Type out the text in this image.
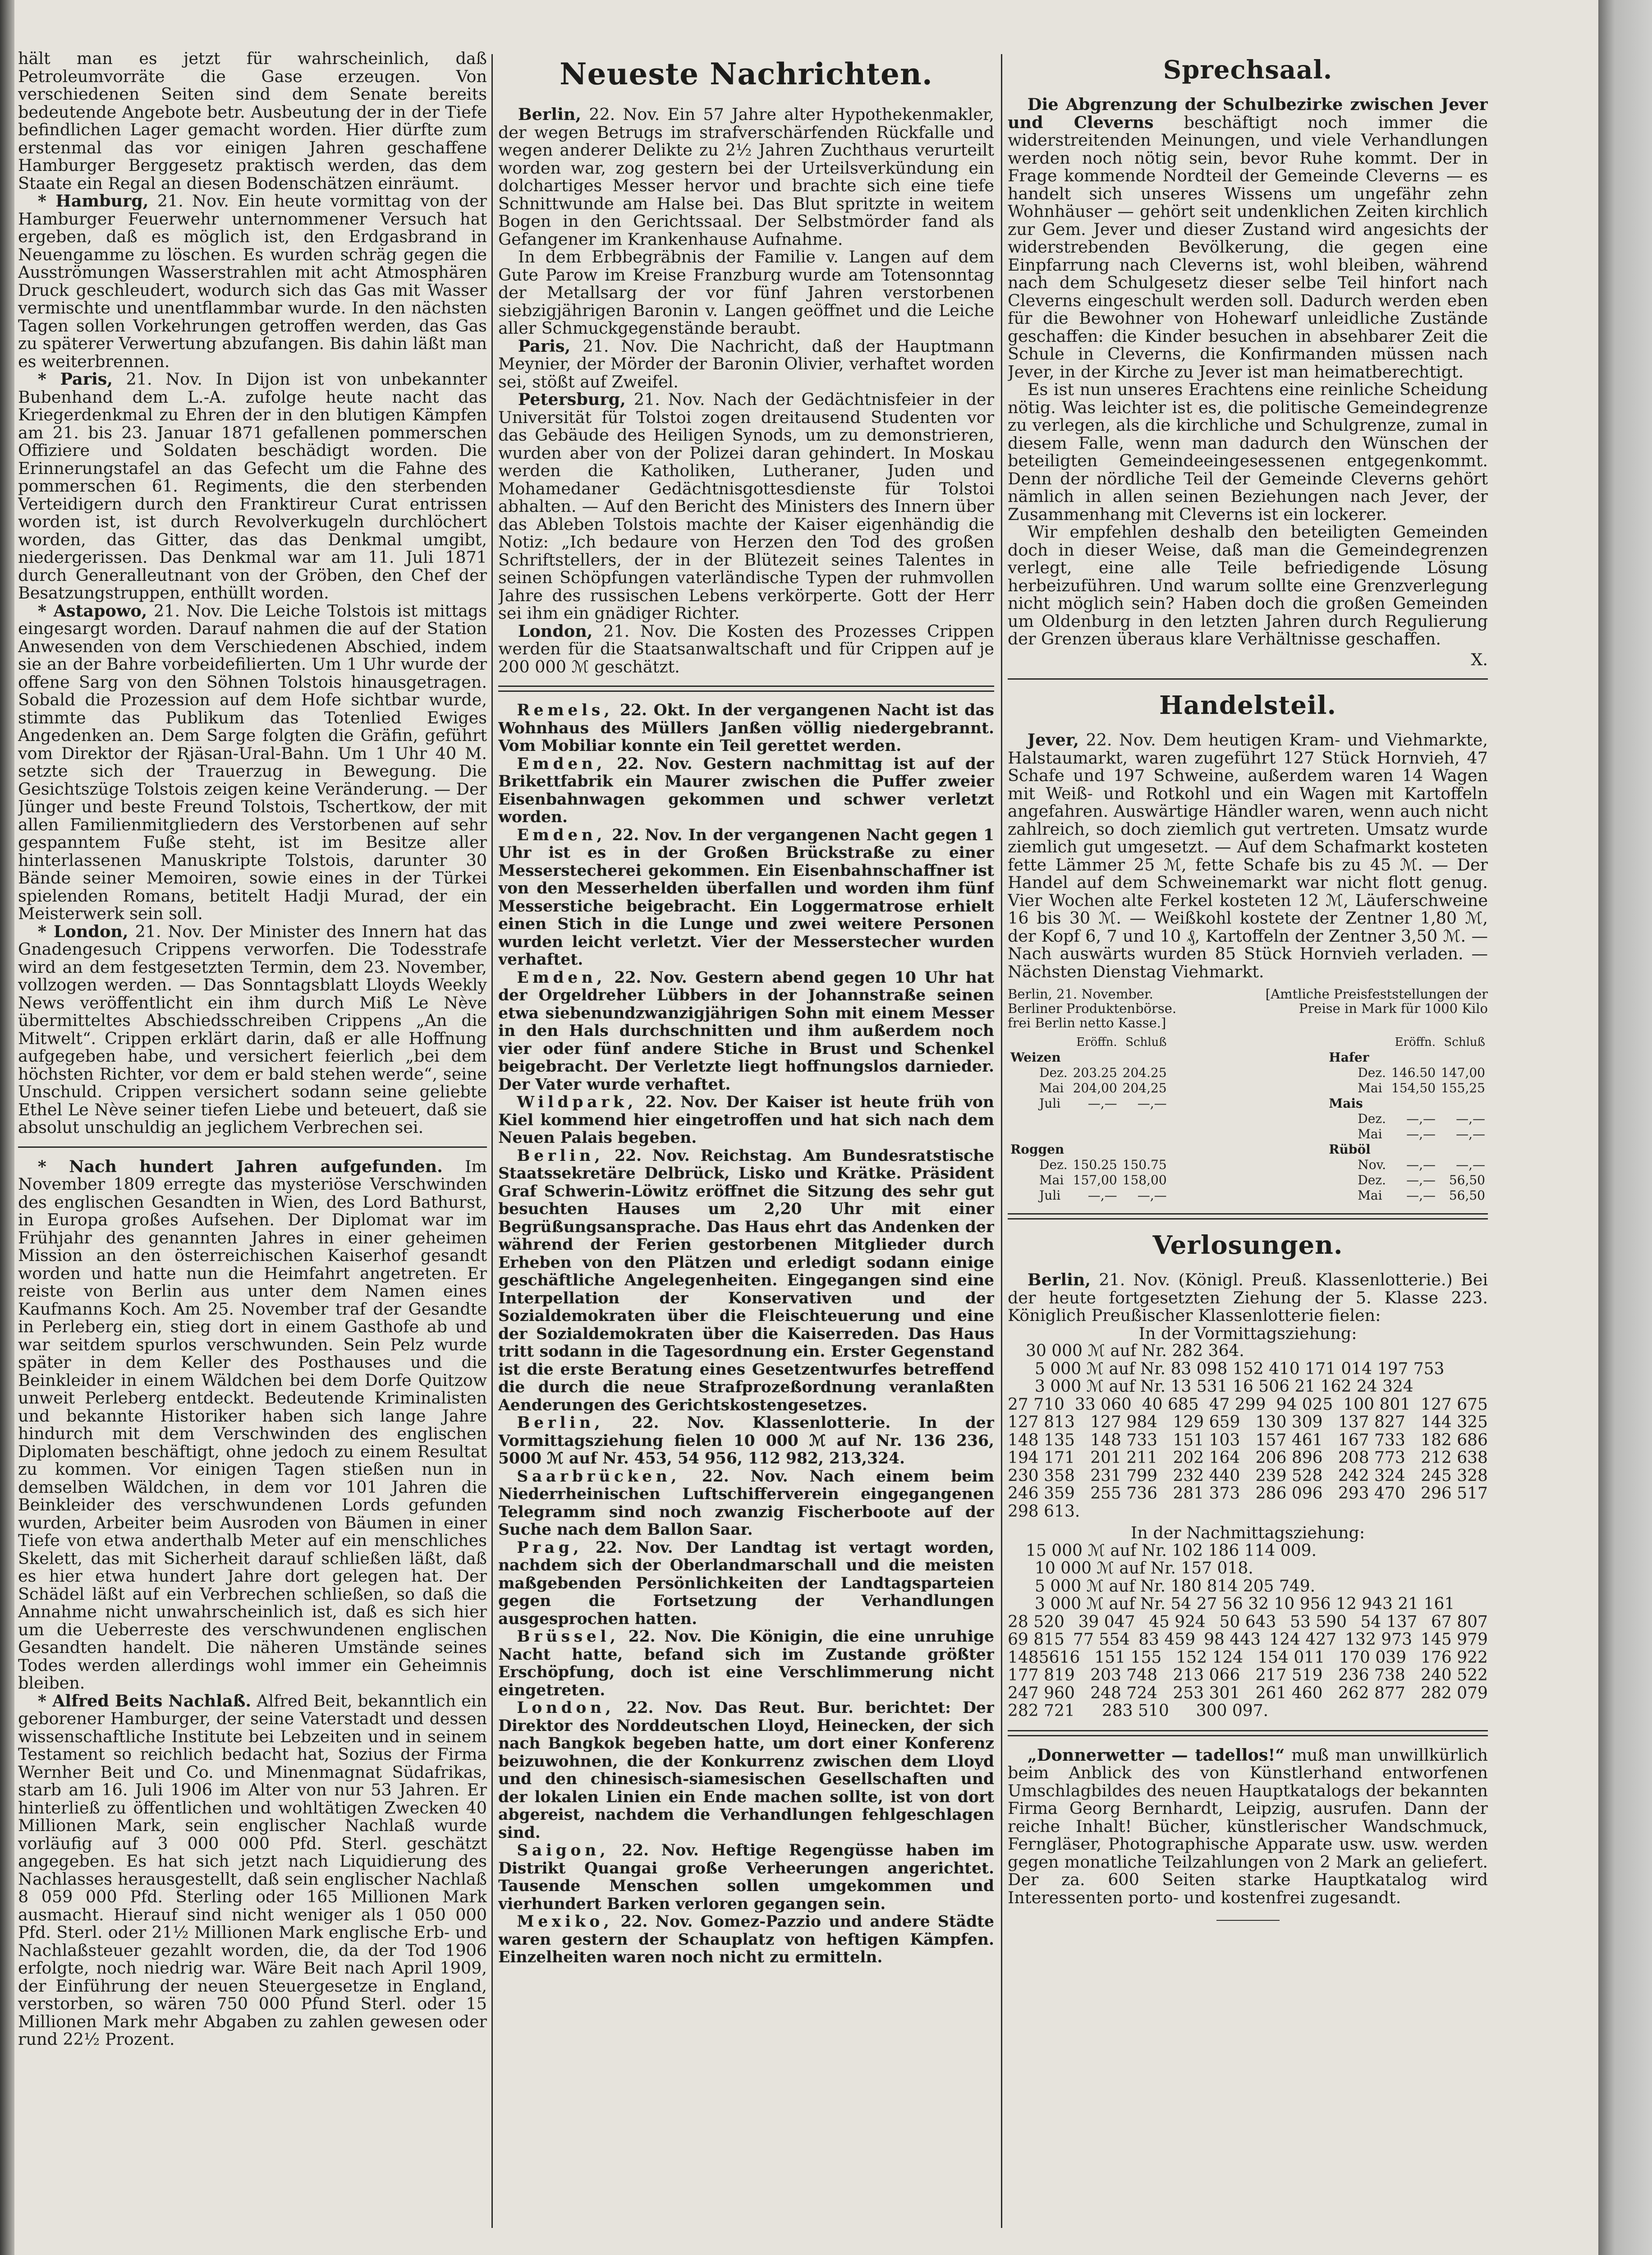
hält man es jetzt für wahrscheinlich, daß Petroleumvorräte die Gase erzeugen. Von verschiedenen Seiten sind dem Senate bereits bedeutende Angebote betr. Ausbeutung der in der Tiefe befindlichen Lager gemacht worden. Hier dürfte zum erstenmal das vor einigen Jahren geschaffene Hamburger Berggesetz praktisch werden, das dem Staate ein Regal an diesen Bodenschätzen einräumt.

* Hamburg, 21. Nov. Ein heute vormittag von der Hamburger Feuerwehr unternommener Versuch hat ergeben, daß es möglich ist, den Erdgasbrand in Neuengamme zu löschen. Es wurden schräg gegen die Ausströmungen Wasserstrahlen mit acht Atmosphären Druck geschleudert, wodurch sich das Gas mit Wasser vermischte und unentflammbar wurde. In den nächsten Tagen sollen Vorkehrungen getroffen werden, das Gas zu späterer Verwertung abzufangen. Bis dahin läßt man es weiterbrennen.

* Paris, 21. Nov. In Dijon ist von unbekannter Bubenhand dem L.-A. zufolge heute nacht das Kriegerdenkmal zu Ehren der in den blutigen Kämpfen am 21. bis 23. Januar 1871 gefallenen pommerschen Offiziere und Soldaten beschädigt worden. Die Erinnerungstafel an das Gefecht um die Fahne des pommerschen 61. Regiments, die den sterbenden Verteidigern durch den Franktireur Curat entrissen worden ist, ist durch Revolverkugeln durchlöchert worden, das Gitter, das das Denkmal umgibt, niedergerissen. Das Denkmal war am 11. Juli 1871 durch Generalleutnant von der Gröben, den Chef der Besatzungstruppen, enthüllt worden.

* Astapowo, 21. Nov. Die Leiche Tolstois ist mittags eingesargt worden. Darauf nahmen die auf der Station Anwesenden von dem Verschiedenen Abschied, indem sie an der Bahre vorbeidefilierten. Um 1 Uhr wurde der offene Sarg von den Söhnen Tolstois hinausgetragen. Sobald die Prozession auf dem Hofe sichtbar wurde, stimmte das Publikum das Totenlied Ewiges Angedenken an. Dem Sarge folgten die Gräfin, geführt vom Direktor der Rjäsan-Ural-Bahn. Um 1 Uhr 40 M. setzte sich der Trauerzug in Bewegung. Die Gesichtszüge Tolstois zeigen keine Veränderung. — Der Jünger und beste Freund Tolstois, Tschertkow, der mit allen Familienmitgliedern des Verstorbenen auf sehr gespanntem Fuße steht, ist im Besitze aller hinterlassenen Manuskripte Tolstois, darunter 30 Bände seiner Memoiren, sowie eines in der Türkei spielenden Romans, betitelt Hadji Murad, der ein Meisterwerk sein soll.

* London, 21. Nov. Der Minister des Innern hat das Gnadengesuch Crippens verworfen. Die Todesstrafe wird an dem festgesetzten Termin, dem 23. November, vollzogen werden. — Das Sonntagsblatt Lloyds Weekly News veröffentlicht ein ihm durch Miß Le Nève übermitteltes Abschiedsschreiben Crippens „An die Mitwelt“. Crippen erklärt darin, daß er alle Hoffnung aufgegeben habe, und versichert feierlich „bei dem höchsten Richter, vor dem er bald stehen werde“, seine Unschuld. Crippen versichert sodann seine geliebte Ethel Le Nève seiner tiefen Liebe und beteuert, daß sie absolut unschuldig an jeglichem Verbrechen sei.

* Nach hundert Jahren aufgefunden. Im November 1809 erregte das mysteriöse Verschwinden des englischen Gesandten in Wien, des Lord Bathurst, in Europa großes Aufsehen. Der Diplomat war im Frühjahr des genannten Jahres in einer geheimen Mission an den österreichischen Kaiserhof gesandt worden und hatte nun die Heimfahrt angetreten. Er reiste von Berlin aus unter dem Namen eines Kaufmanns Koch. Am 25. November traf der Gesandte in Perleberg ein, stieg dort in einem Gasthofe ab und war seitdem spurlos verschwunden. Sein Pelz wurde später in dem Keller des Posthauses und die Beinkleider in einem Wäldchen bei dem Dorfe Quitzow unweit Perleberg entdeckt. Bedeutende Kriminalisten und bekannte Historiker haben sich lange Jahre hindurch mit dem Verschwinden des englischen Diplomaten beschäftigt, ohne jedoch zu einem Resultat zu kommen. Vor einigen Tagen stießen nun in demselben Wäldchen, in dem vor 101 Jahren die Beinkleider des verschwundenen Lords gefunden wurden, Arbeiter beim Ausroden von Bäumen in einer Tiefe von etwa anderthalb Meter auf ein menschliches Skelett, das mit Sicherheit darauf schließen läßt, daß es hier etwa hundert Jahre dort gelegen hat. Der Schädel läßt auf ein Verbrechen schließen, so daß die Annahme nicht unwahrscheinlich ist, daß es sich hier um die Ueberreste des verschwundenen englischen Gesandten handelt. Die näheren Umstände seines Todes werden allerdings wohl immer ein Geheimnis bleiben.

* Alfred Beits Nachlaß. Alfred Beit, bekanntlich ein geborener Hamburger, der seine Vaterstadt und dessen wissenschaftliche Institute bei Lebzeiten und in seinem Testament so reichlich bedacht hat, Sozius der Firma Wernher Beit und Co. und Minenmagnat Südafrikas, starb am 16. Juli 1906 im Alter von nur 53 Jahren. Er hinterließ zu öffentlichen und wohltätigen Zwecken 40 Millionen Mark, sein englischer Nachlaß wurde vorläufig auf 3 000 000 Pfd. Sterl. geschätzt angegeben. Es hat sich jetzt nach Liquidierung des Nachlasses herausgestellt, daß sein englischer Nachlaß 8 059 000 Pfd. Sterling oder 165 Millionen Mark ausmacht. Hierauf sind nicht weniger als 1 050 000 Pfd. Sterl. oder 21½ Millionen Mark englische Erb- und Nachlaßsteuer gezahlt worden, die, da der Tod 1906 erfolgte, noch niedrig war. Wäre Beit nach April 1909, der Einführung der neuen Steuergesetze in England, verstorben, so wären 750 000 Pfund Sterl. oder 15 Millionen Mark mehr Abgaben zu zahlen gewesen oder rund 22½ Prozent.

Neueste Nachrichten.

Berlin, 22. Nov. Ein 57 Jahre alter Hypothekenmakler, der wegen Betrugs im strafverschärfenden Rückfalle und wegen anderer Delikte zu 2½ Jahren Zuchthaus verurteilt worden war, zog gestern bei der Urteilsverkündung ein dolchartiges Messer hervor und brachte sich eine tiefe Schnittwunde am Halse bei. Das Blut spritzte in weitem Bogen in den Gerichtssaal. Der Selbstmörder fand als Gefangener im Krankenhause Aufnahme.

In dem Erbbegräbnis der Familie v. Langen auf dem Gute Parow im Kreise Franzburg wurde am Totensonntag der Metallsarg der vor fünf Jahren verstorbenen siebzigjährigen Baronin v. Langen geöffnet und die Leiche aller Schmuckgegenstände beraubt.

Paris, 21. Nov. Die Nachricht, daß der Hauptmann Meynier, der Mörder der Baronin Olivier, verhaftet worden sei, stößt auf Zweifel.

Petersburg, 21. Nov. Nach der Gedächtnisfeier in der Universität für Tolstoi zogen dreitausend Studenten vor das Gebäude des Heiligen Synods, um zu demonstrieren, wurden aber von der Polizei daran gehindert. In Moskau werden die Katholiken, Lutheraner, Juden und Mohamedaner Gedächtnisgottesdienste für Tolstoi abhalten. — Auf den Bericht des Ministers des Innern über das Ableben Tolstois machte der Kaiser eigenhändig die Notiz: „Ich bedaure von Herzen den Tod des großen Schriftstellers, der in der Blütezeit seines Talentes in seinen Schöpfungen vaterländische Typen der ruhmvollen Jahre des russischen Lebens verkörperte. Gott der Herr sei ihm ein gnädiger Richter.

London, 21. Nov. Die Kosten des Prozesses Crippen werden für die Staatsanwaltschaft und für Crippen auf je 200 000 ℳ geschätzt.

Remels, 22. Okt. In der vergangenen Nacht ist das Wohnhaus des Müllers Janßen völlig niedergebrannt. Vom Mobiliar konnte ein Teil gerettet werden.

Emden, 22. Nov. Gestern nachmittag ist auf der Brikettfabrik ein Maurer zwischen die Puffer zweier Eisenbahnwagen gekommen und schwer verletzt worden.

Emden, 22. Nov. In der vergangenen Nacht gegen 1 Uhr ist es in der Großen Brückstraße zu einer Messerstecherei gekommen. Ein Eisenbahnschaffner ist von den Messerhelden überfallen und worden ihm fünf Messerstiche beigebracht. Ein Loggermatrose erhielt einen Stich in die Lunge und zwei weitere Personen wurden leicht verletzt. Vier der Messerstecher wurden verhaftet.

Emden, 22. Nov. Gestern abend gegen 10 Uhr hat der Orgeldreher Lübbers in der Johannstraße seinen etwa siebenundzwanzigjährigen Sohn mit einem Messer in den Hals durchschnitten und ihm außerdem noch vier oder fünf andere Stiche in Brust und Schenkel beigebracht. Der Verletzte liegt hoffnungslos darnieder. Der Vater wurde verhaftet.

Wildpark, 22. Nov. Der Kaiser ist heute früh von Kiel kommend hier eingetroffen und hat sich nach dem Neuen Palais begeben.

Berlin, 22. Nov. Reichstag. Am Bundesratstische Staatssekretäre Delbrück, Lisko und Krätke. Präsident Graf Schwerin-Löwitz eröffnet die Sitzung des sehr gut besuchten Hauses um 2,20 Uhr mit einer Begrüßungsansprache. Das Haus ehrt das Andenken der während der Ferien gestorbenen Mitglieder durch Erheben von den Plätzen und erledigt sodann einige geschäftliche Angelegenheiten. Eingegangen sind eine Interpellation der Konservativen und der Sozialdemokraten über die Fleischteuerung und eine der Sozialdemokraten über die Kaiserreden. Das Haus tritt sodann in die Tagesordnung ein. Erster Gegenstand ist die erste Beratung eines Gesetzentwurfes betreffend die durch die neue Strafprozeßordnung veranlaßten Aenderungen des Gerichtskostengesetzes.

Berlin, 22. Nov. Klassenlotterie. In der Vormittagsziehung fielen 10 000 ℳ auf Nr. 136 236, 5000 ℳ auf Nr. 453, 54 956, 112 982, 213,324.

Saarbrücken, 22. Nov. Nach einem beim Niederrheinischen Luftschifferverein eingegangenen Telegramm sind noch zwanzig Fischerboote auf der Suche nach dem Ballon Saar.

Prag, 22. Nov. Der Landtag ist vertagt worden, nachdem sich der Oberlandmarschall und die meisten maßgebenden Persönlichkeiten der Landtagsparteien gegen die Fortsetzung der Verhandlungen ausgesprochen hatten.

Brüssel, 22. Nov. Die Königin, die eine unruhige Nacht hatte, befand sich im Zustande größter Erschöpfung, doch ist eine Verschlimmerung nicht eingetreten.

London, 22. Nov. Das Reut. Bur. berichtet: Der Direktor des Norddeutschen Lloyd, Heinecken, der sich nach Bangkok begeben hatte, um dort einer Konferenz beizuwohnen, die der Konkurrenz zwischen dem Lloyd und den chinesisch-siamesischen Gesellschaften und der lokalen Linien ein Ende machen sollte, ist von dort abgereist, nachdem die Verhandlungen fehlgeschlagen sind.

Saigon, 22. Nov. Heftige Regengüsse haben im Distrikt Quangai große Verheerungen angerichtet. Tausende Menschen sollen umgekommen und vierhundert Barken verloren gegangen sein.

Mexiko, 22. Nov. Gomez-Pazzio und andere Städte waren gestern der Schauplatz von heftigen Kämpfen. Einzelheiten waren noch nicht zu ermitteln.

Sprechsaal.

Die Abgrenzung der Schulbezirke zwischen Jever und Cleverns beschäftigt noch immer die widerstreitenden Meinungen, und viele Verhandlungen werden noch nötig sein, bevor Ruhe kommt. Der in Frage kommende Nordteil der Gemeinde Cleverns — es handelt sich unseres Wissens um ungefähr zehn Wohnhäuser — gehört seit undenklichen Zeiten kirchlich zur Gem. Jever und dieser Zustand wird angesichts der widerstrebenden Bevölkerung, die gegen eine Einpfarrung nach Cleverns ist, wohl bleiben, während nach dem Schulgesetz dieser selbe Teil hinfort nach Cleverns eingeschult werden soll. Dadurch werden eben für die Bewohner von Hohewarf unleidliche Zustände geschaffen: die Kinder besuchen in absehbarer Zeit die Schule in Cleverns, die Konfirmanden müssen nach Jever, in der Kirche zu Jever ist man heimatberechtigt.

Es ist nun unseres Erachtens eine reinliche Scheidung nötig. Was leichter ist es, die politische Gemeindegrenze zu verlegen, als die kirchliche und Schulgrenze, zumal in diesem Falle, wenn man dadurch den Wünschen der beteiligten Gemeindeeingesessenen entgegenkommt. Denn der nördliche Teil der Gemeinde Cleverns gehört nämlich in allen seinen Beziehungen nach Jever, der Zusammenhang mit Cleverns ist ein lockerer.

Wir empfehlen deshalb den beteiligten Gemeinden doch in dieser Weise, daß man die Gemeindegrenzen verlegt, eine alle Teile befriedigende Lösung herbeizuführen. Und warum sollte eine Grenzverlegung nicht möglich sein? Haben doch die großen Gemeinden um Oldenburg in den letzten Jahren durch Regulierung der Grenzen überaus klare Verhältnisse geschaffen.

X.
Handelsteil.

Jever, 22. Nov. Dem heutigen Kram- und Viehmarkte, Halstaumarkt, waren zugeführt 127 Stück Hornvieh, 47 Schafe und 197 Schweine, außerdem waren 14 Wagen mit Weiß- und Rotkohl und ein Wagen mit Kartoffeln angefahren. Auswärtige Händler waren, wenn auch nicht zahlreich, so doch ziemlich gut vertreten. Umsatz wurde ziemlich gut umgesetzt. — Auf dem Schafmarkt kosteten fette Lämmer 25 ℳ, fette Schafe bis zu 45 ℳ. — Der Handel auf dem Schweinemarkt war nicht flott genug. Vier Wochen alte Ferkel kosteten 12 ℳ, Läuferschweine 16 bis 30 ℳ. — Weißkohl kostete der Zentner 1,80 ℳ, der Kopf 6, 7 und 10 ₰, Kartoffeln der Zentner 3,50 ℳ. — Nach auswärts wurden 85 Stück Hornvieh verladen. — Nächsten Dienstag Viehmarkt.

Berlin, 21. November.
Berliner Produktenbörse.
frei Berlin netto Kasse.]
[Amtliche Preisfeststellungen der
Preise in Mark für 1000 Kilo
	Eröffn.	Schluß
Weizen		
Dez.	203.25	204.25
Mai	204,00	204,25
Juli	—,—	—,—

Roggen		
Dez.	150.25	150.75
Mai	157,00	158,00
Juli	—,—	—,—
	Eröffn.	Schluß
Hafer		
Dez.	146.50	147,00
Mai	154,50	155,25
Mais		
Dez.	—,—	—,—
Mai	—,—	—,—
Rüböl		
Nov.	—,—	—,—
Dez.	—,—	56,50
Mai	—,—	56,50
Verlosungen.

Berlin, 21. Nov. (Königl. Preuß. Klassenlotterie.) Bei der heute fortgesetzten Ziehung der 5. Klasse 223. Königlich Preußischer Klassenlotterie fielen:

In der Vormittagsziehung:
30 000 ℳ auf Nr. 282 364.
5 000 ℳ auf Nr. 83 098 152 410 171 014 197 753
3 000 ℳ auf Nr. 13 531 16 506 21 162 24 324
27 710 33 060 40 685 47 299 94 025 100 801 127 675
127 813 127 984 129 659 130 309 137 827 144 325
148 135 148 733 151 103 157 461 167 733 182 686
194 171 201 211 202 164 206 896 208 773 212 638
230 358 231 799 232 440 239 528 242 324 245 328
246 359 255 736 281 373 286 096 293 470 296 517
298 613.
In der Nachmittagsziehung:
15 000 ℳ auf Nr. 102 186 114 009.
10 000 ℳ auf Nr. 157 018.
5 000 ℳ auf Nr. 180 814 205 749.
3 000 ℳ auf Nr. 54 27 56 32 10 956 12 943 21 161
28 520 39 047 45 924 50 643 53 590 54 137 67 807
69 815 77 554 83 459 98 443 124 427 132 973 145 979
1485616 151 155 152 124 154 011 170 039 176 922
177 819 203 748 213 066 217 519 236 738 240 522
247 960 248 724 253 301 261 460 262 877 282 079
282 721 283 510 300 097.

„Donnerwetter — tadellos!“ muß man unwillkürlich beim Anblick des von Künstlerhand entworfenen Umschlagbildes des neuen Hauptkatalogs der bekannten Firma Georg Bernhardt, Leipzig, ausrufen. Dann der reiche Inhalt! Bücher, künstlerischer Wandschmuck, Ferngläser, Photographische Apparate usw. usw. werden gegen monatliche Teilzahlungen von 2 Mark an geliefert. Der za. 600 Seiten starke Hauptkatalog wird Interessenten porto- und kostenfrei zugesandt.
